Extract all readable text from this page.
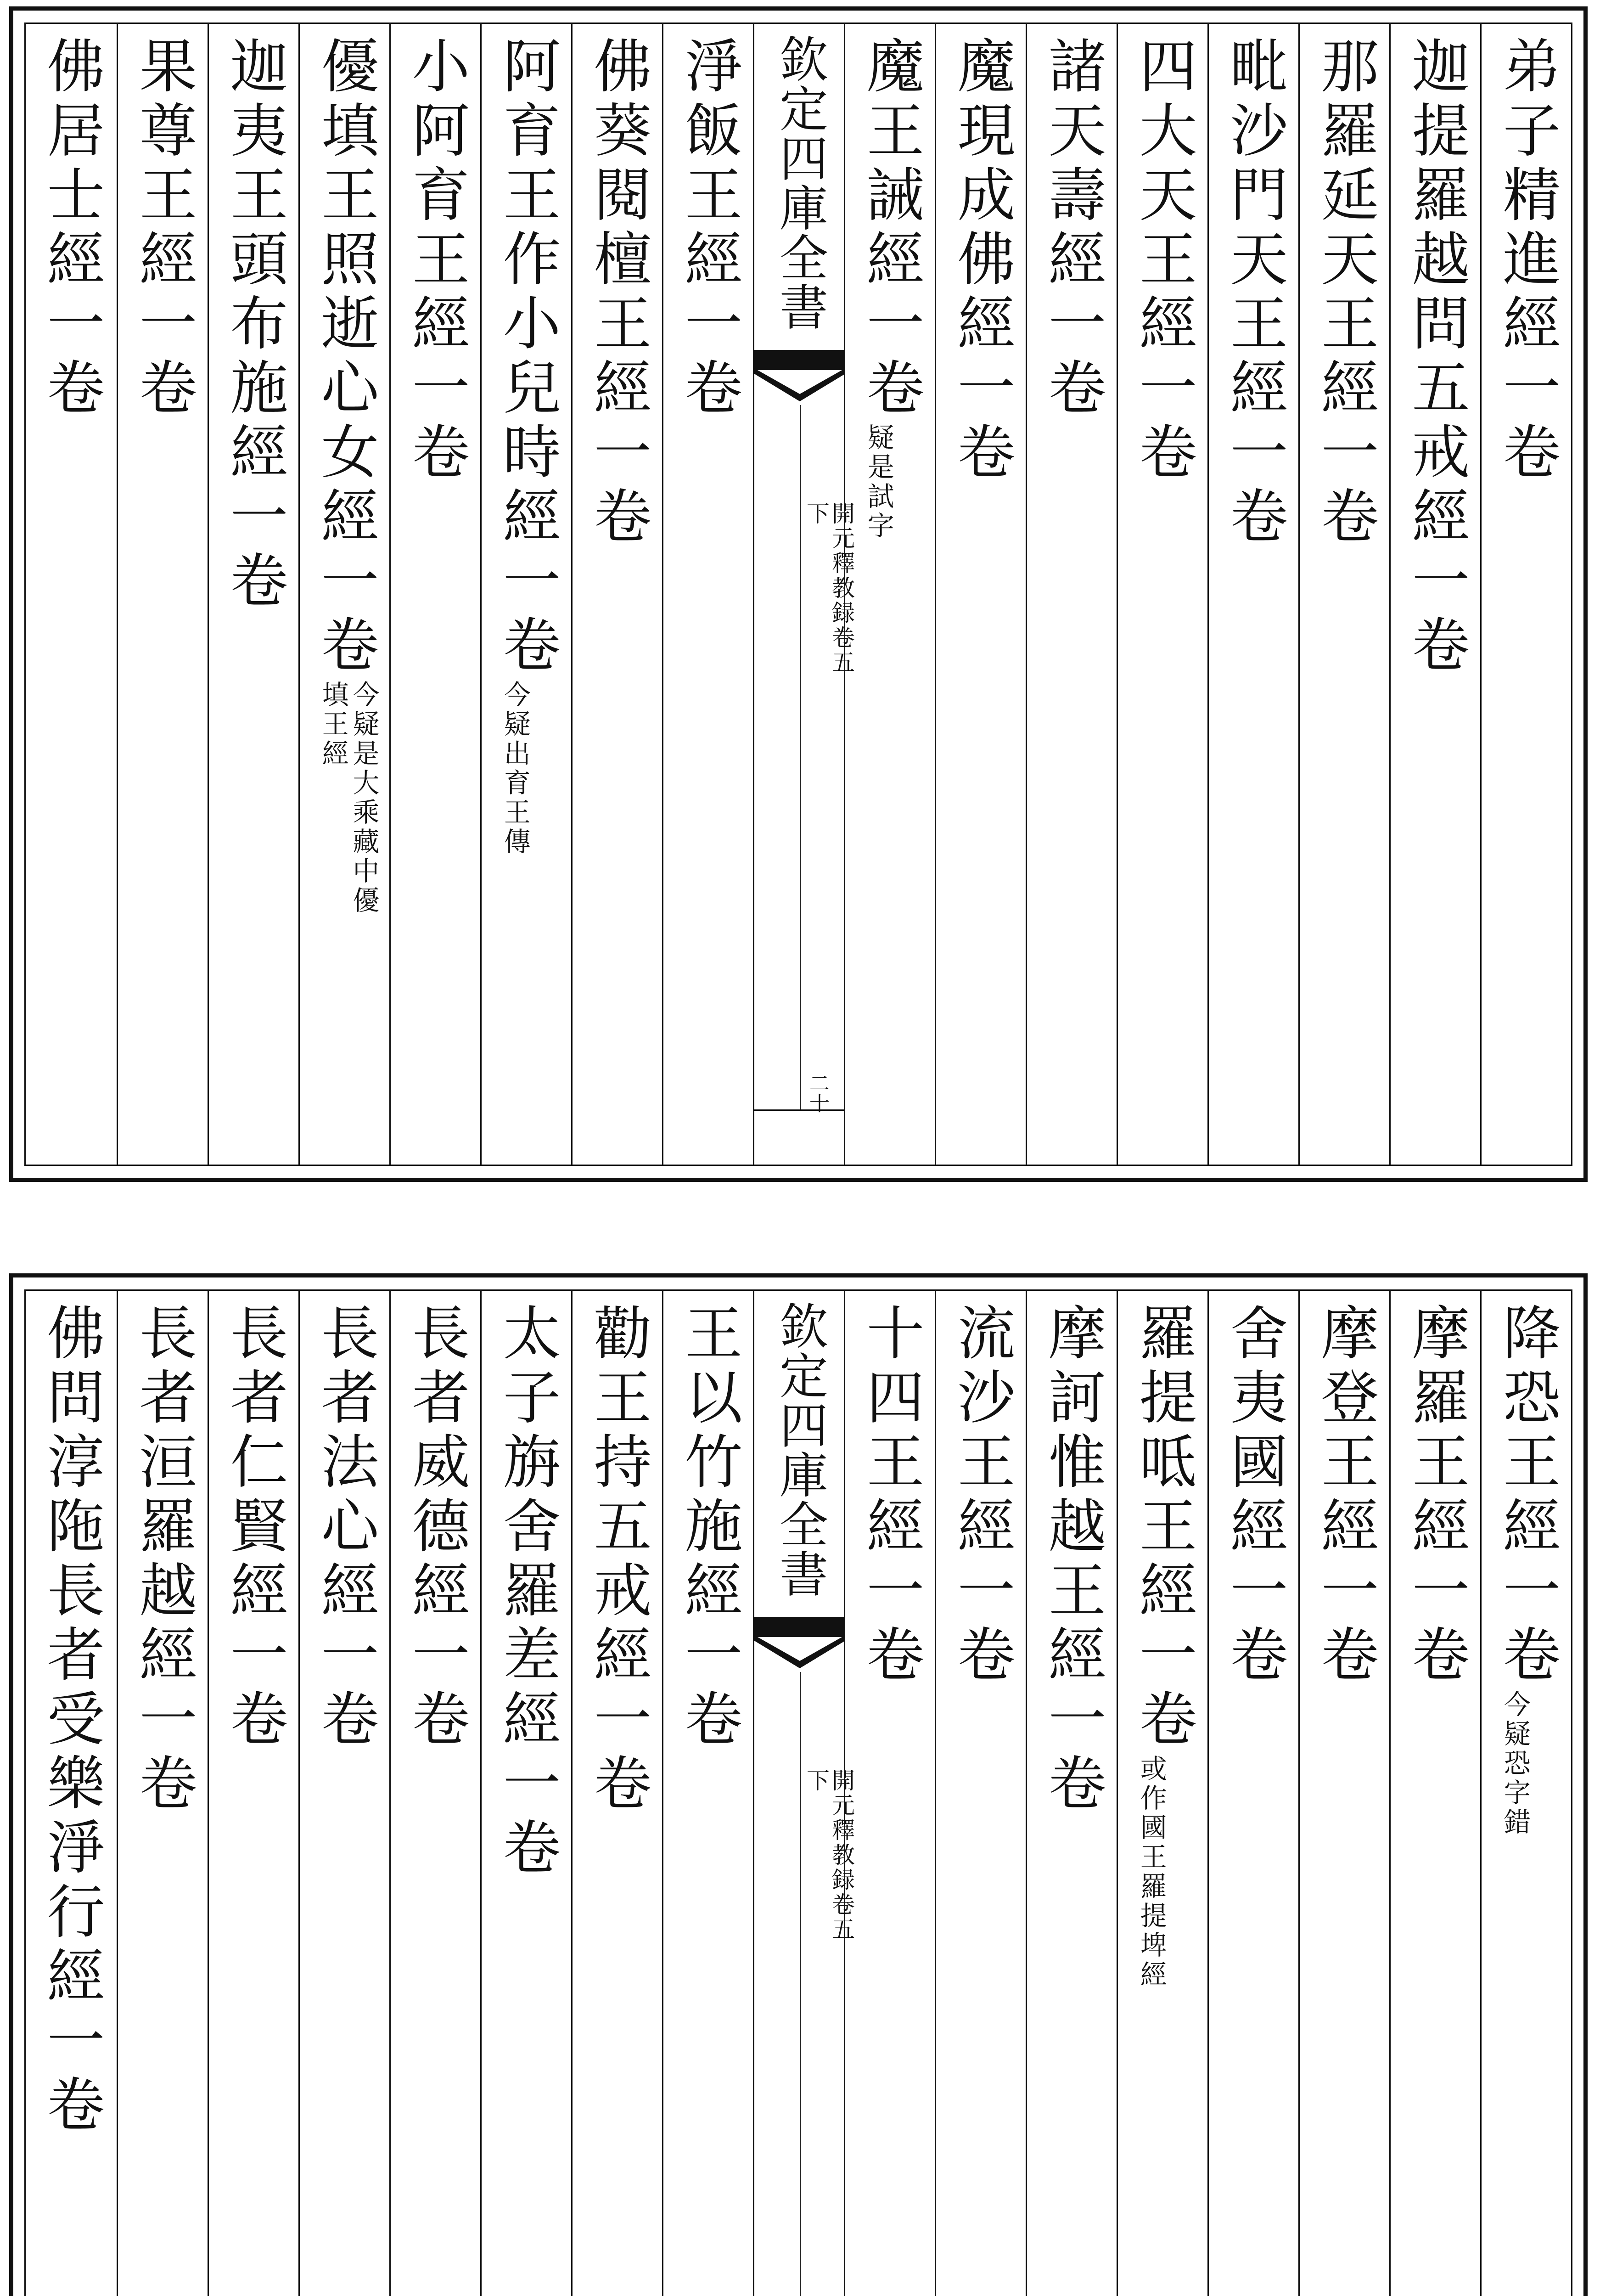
弟子精進經一卷
迦提羅越問五戒經一卷
那羅延天王經一卷
毗沙門天王經一卷
四大天王經一卷
諸天壽經一卷
魔現成佛經一卷
魔王誡經一卷
疑是試字
欽定四庫全書
開元釋教録卷五下
二十
淨飯王經一卷
佛葵閱檀王經一卷
阿育王作小兒時經一卷
今疑出育王傳
小阿育王經一卷
優填王照逝心女經一卷
今疑是大乘藏中優填王經
迦夷王頭布施經一卷
果尊王經一卷
佛居士經一卷
降恐王經一卷
今疑恐字錯
摩羅王經一卷
摩登王經一卷
舍夷國經一卷
羅提呧王經一卷
或作國王羅提埤經
摩訶惟越王經一卷
流沙王經一卷
十四王經一卷
欽定四庫全書
開元釋教録卷五下
王以竹施經一卷
勸王持五戒經一卷
太子旃舍羅差經一卷
長者威德經一卷
長者法心經一卷
長者仁賢經一卷
長者洹羅越經一卷
佛問淳陁長者受樂淨行經一卷
